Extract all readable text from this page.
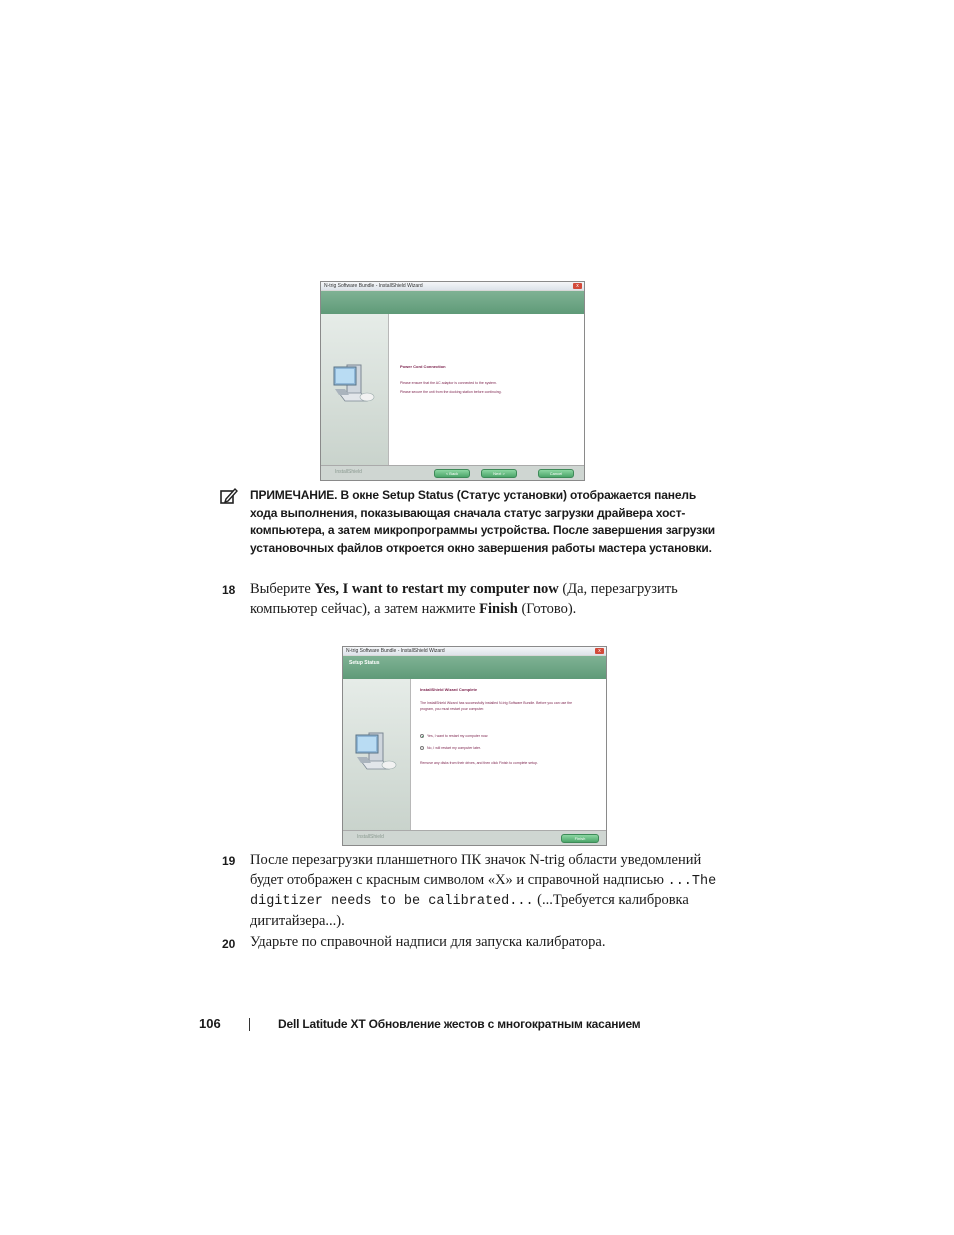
N-trig Software Bundle - InstallShield Wizard	x
Power Cord Connection
Please ensure that the AC adaptor is connected to the system.
Please secure the unit from the docking station before continuing.
InstallShield	< Back	Next >	Cancel
ПРИМЕЧАНИЕ. В окне Setup Status (Статус установки) отображается панель хода выполнения, показывающая сначала статус загрузки драйвера хост-компьютера, а затем микропрограммы устройства. После завершения загрузки установочных файлов откроется окно завершения работы мастера установки.
18 Выберите Yes, I want to restart my computer now (Да, перезагрузить компьютер сейчас), а затем нажмите Finish (Готово).
N-trig Software Bundle - InstallShield Wizard	x
Setup Status
InstallShield Wizard Complete
The InstallShield Wizard has successfully installed N-trig Software Bundle. Before you can use the
program, you must restart your computer.
Yes, I want to restart my computer now.
No, I will restart my computer later.
Remove any disks from their drives, and then click Finish to complete setup.
InstallShield	Finish
19 После перезагрузки планшетного ПК значок N-trig области уведомлений будет отображен с красным символом «X» и справочной надписью ...The digitizer needs to be calibrated... (...Требуется калибровка дигитайзера...).
20 Ударьте по справочной надписи для запуска калибратора.
106	Dell Latitude XT Обновление жестов с многократным касанием
